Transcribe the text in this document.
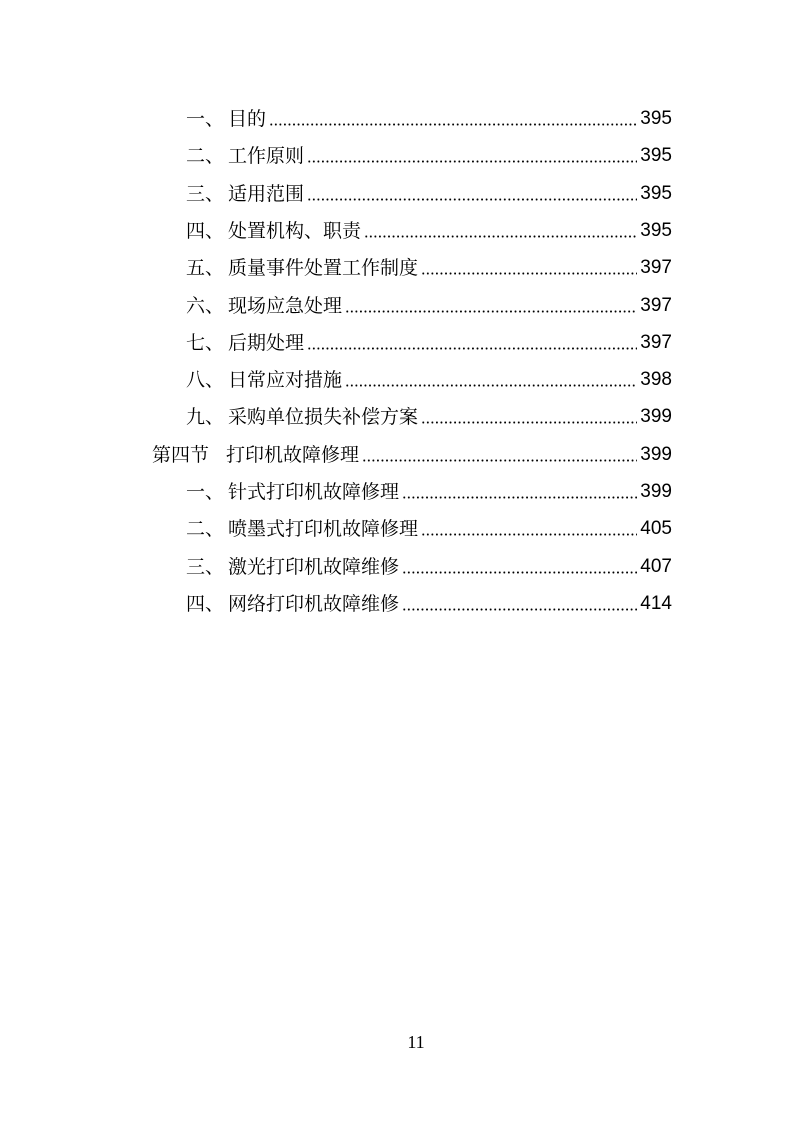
一、 目的	395
二、 工作原则	395
三、 适用范围	395
四、 处置机构、职责	395
五、 质量事件处置工作制度	397
六、 现场应急处理	397
七、 后期处理	397
八、 日常应对措施	398
九、 采购单位损失补偿方案	399
第四节 打印机故障修理	399
一、 针式打印机故障修理	399
二、 喷墨式打印机故障修理	405
三、 激光打印机故障维修	407
四、 网络打印机故障维修	414
11
